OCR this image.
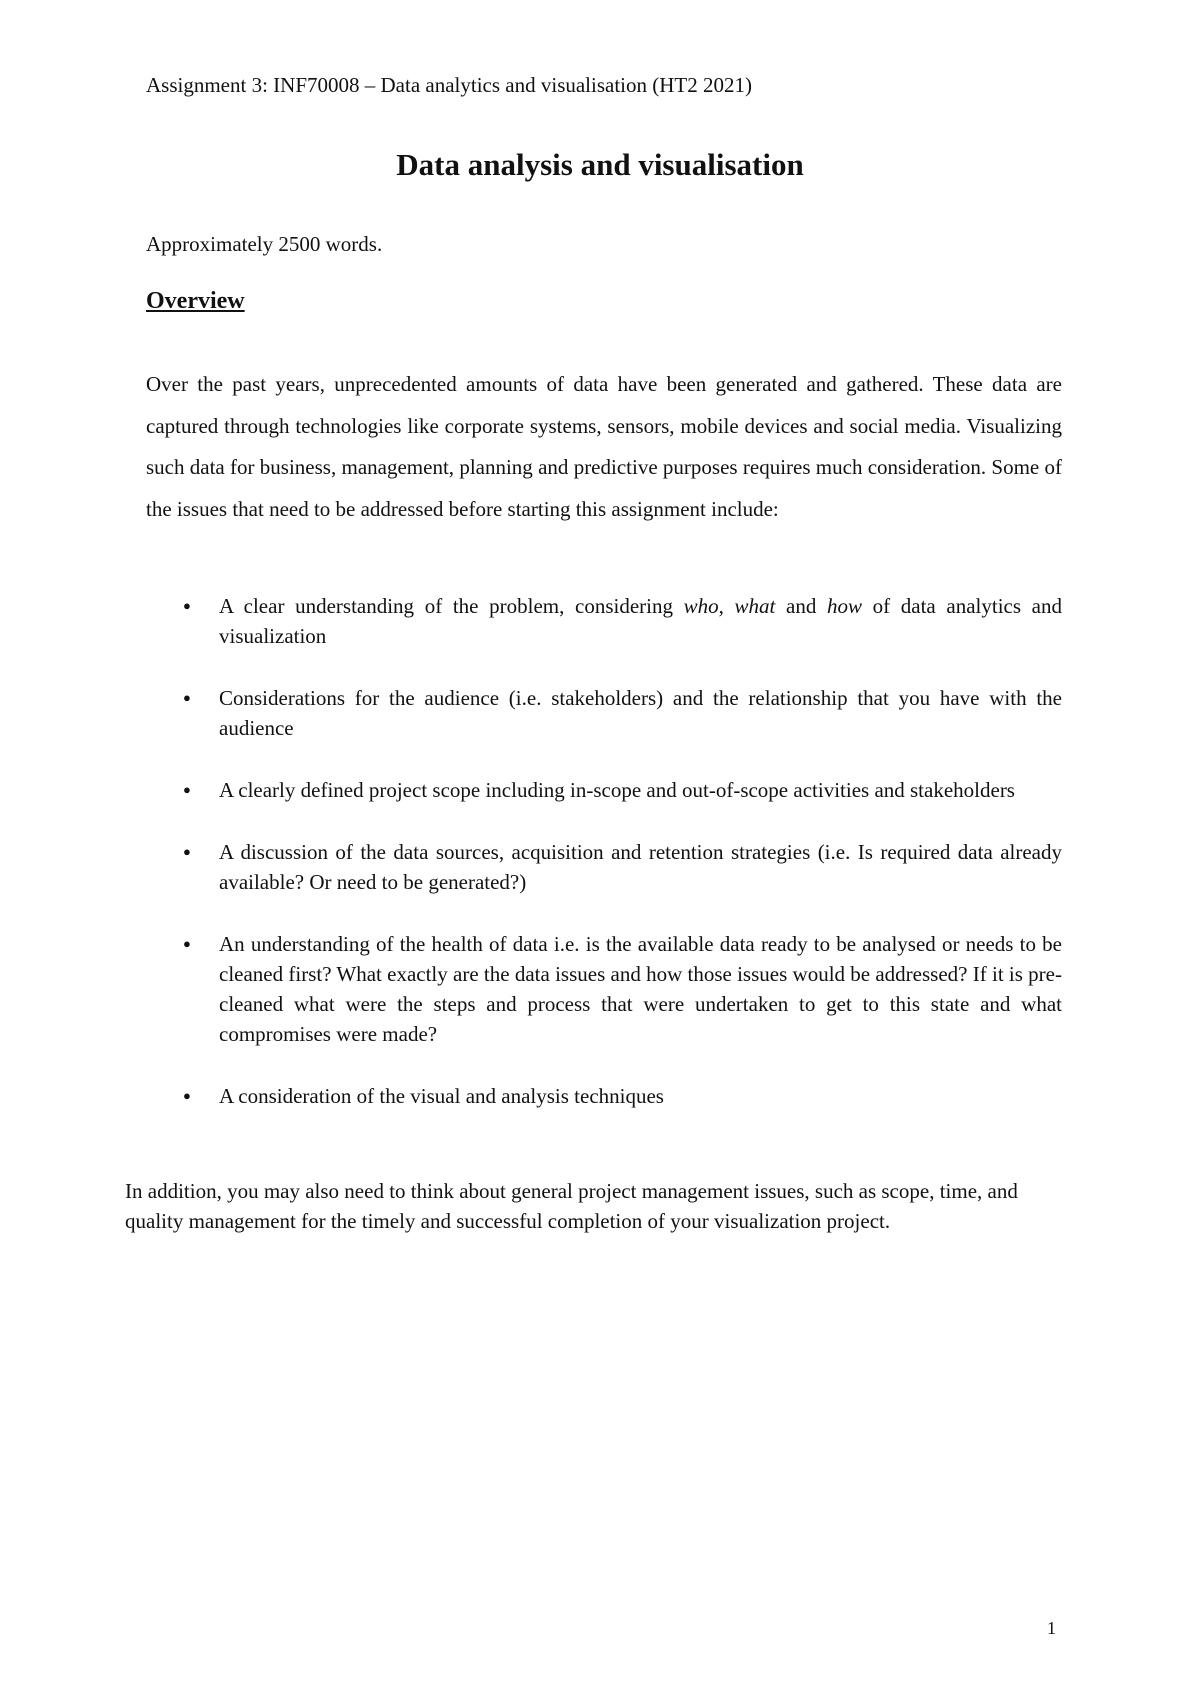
Assignment 3: INF70008 – Data analytics and visualisation (HT2 2021)
Data analysis and visualisation
Approximately 2500 words.
Overview

Over the past years, unprecedented amounts of data have been generated and gathered. These data are captured through technologies like corporate systems, sensors, mobile devices and social media. Visualizing such data for business, management, planning and predictive purposes requires much consideration. Some of the issues that need to be addressed before starting this assignment include:

● A clear understanding of the problem, considering who, what and how of data analytics and visualization
● Considerations for the audience (i.e. stakeholders) and the relationship that you have with the audience
● A clearly defined project scope including in-scope and out-of-scope activities and stakeholders
● A discussion of the data sources, acquisition and retention strategies (i.e. Is required data already available? Or need to be generated?)
● An understanding of the health of data i.e. is the available data ready to be analysed or needs to be cleaned first? What exactly are the data issues and how those issues would be addressed? If it is pre-cleaned what were the steps and process that were undertaken to get to this state and what compromises were made?
● A consideration of the visual and analysis techniques

In addition, you may also need to think about general project management issues, such as scope, time, and quality management for the timely and successful completion of your visualization project.

1
